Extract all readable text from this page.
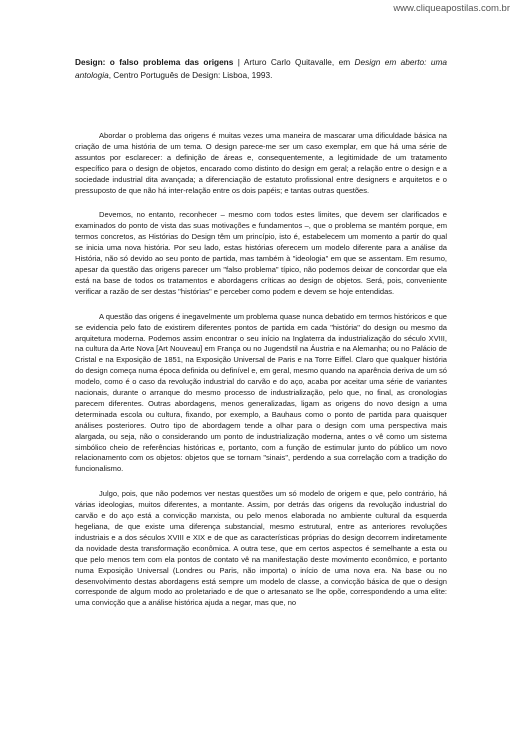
www.cliqueapostilas.com.br
Design: o falso problema das origens | Arturo Carlo Quitavalle, em Design em aberto: uma antologia, Centro Português de Design: Lisboa, 1993.

Abordar o problema das origens é muitas vezes uma maneira de mascarar uma dificuldade básica na criação de uma história de um tema. O design parece-me ser um caso exemplar, em que há uma série de assuntos por esclarecer: a definição de áreas e, consequentemente, a legitimidade de um tratamento específico para o design de objetos, encarado como distinto do design em geral; a relação entre o design e a sociedade industrial dita avançada; a diferenciação de estatuto profissional entre designers e arquitetos e o pressuposto de que não há inter-relação entre os dois papéis; e tantas outras questões.

Devemos, no entanto, reconhecer – mesmo com todos estes limites, que devem ser clarificados e examinados do ponto de vista das suas motivações e fundamentos –, que o problema se mantém porque, em termos concretos, as Histórias do Design têm um princípio, isto é, estabelecem um momento a partir do qual se inicia uma nova história. Por seu lado, estas histórias oferecem um modelo diferente para a análise da História, não só devido ao seu ponto de partida, mas também à "ideologia" em que se assentam. Em resumo, apesar da questão das origens parecer um "falso problema" típico, não podemos deixar de concordar que ela está na base de todos os tratamentos e abordagens críticas ao design de objetos. Será, pois, conveniente verificar a razão de ser destas "histórias" e perceber como podem e devem se hoje entendidas.

A questão das origens é inegavelmente um problema quase nunca debatido em termos históricos e que se evidencia pelo fato de existirem diferentes pontos de partida em cada "história" do design ou mesmo da arquitetura moderna. Podemos assim encontrar o seu início na Inglaterra da industrialização do século XVIII, na cultura da Arte Nova [Art Nouveau] em França ou no Jugendstil na Áustria e na Alemanha; ou no Palácio de Cristal e na Exposição de 1851, na Exposição Universal de Paris e na Torre Eiffel. Claro que qualquer história do design começa numa época definida ou definível e, em geral, mesmo quando na aparência deriva de um só modelo, como é o caso da revolução industrial do carvão e do aço, acaba por aceitar uma série de variantes nacionais, durante o arranque do mesmo processo de industrialização, pelo que, no final, as cronologias parecem diferentes. Outras abordagens, menos generalizadas, ligam as origens do novo design a uma determinada escola ou cultura, fixando, por exemplo, a Bauhaus como o ponto de partida para quaisquer análises posteriores. Outro tipo de abordagem tende a olhar para o design com uma perspectiva mais alargada, ou seja, não o considerando um ponto de industrialização moderna, antes o vê como um sistema simbólico cheio de referências históricas e, portanto, com a função de estimular junto do público um novo relacionamento com os objetos: objetos que se tornam "sinais", perdendo a sua correlação com a tradição do funcionalismo.

Julgo, pois, que não podemos ver nestas questões um só modelo de origem e que, pelo contrário, há várias ideologias, muitos diferentes, a montante. Assim, por detrás das origens da revolução industrial do carvão e do aço está a convicção marxista, ou pelo menos elaborada no ambiente cultural da esquerda hegeliana, de que existe uma diferença substancial, mesmo estrutural, entre as anteriores revoluções industriais e a dos séculos XVIII e XIX e de que as características próprias do design decorrem indiretamente da novidade desta transformação econômica. A outra tese, que em certos aspectos é semelhante a esta ou que pelo menos tem com ela pontos de contato vê na manifestação deste movimento econômico, e portanto numa Exposição Universal (Londres ou Paris, não importa) o início de uma nova era. Na base ou no desenvolvimento destas abordagens está sempre um modelo de classe, a convicção básica de que o design corresponde de algum modo ao proletariado e de que o artesanato se lhe opõe, correspondendo a uma elite: uma convicção que a análise histórica ajuda a negar, mas que, no
